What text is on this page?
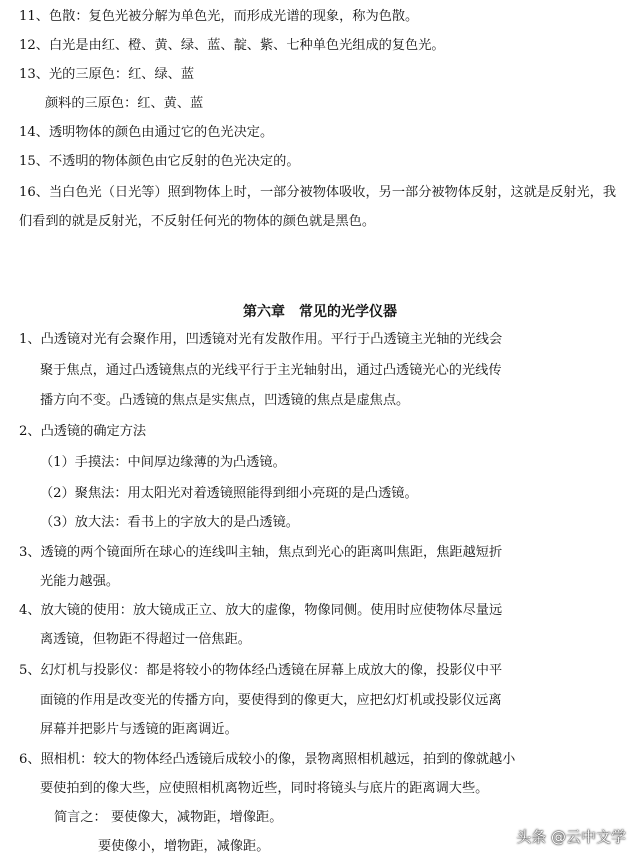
11、色散：复色光被分解为单色光，而形成光谱的现象，称为色散。
12、白光是由红、橙、黄、绿、蓝、靛、紫、七种单色光组成的复色光。
13、光的三原色：红、绿、蓝
颜料的三原色：红、黄、蓝
14、透明物体的颜色由通过它的色光决定。
15、不透明的物体颜色由它反射的色光决定的。
16、当白色光（日光等）照到物体上时，一部分被物体吸收，另一部分被物体反射，这就是反射光，我
们看到的就是反射光，不反射任何光的物体的颜色就是黑色。
第六章　常见的光学仪器
1、凸透镜对光有会聚作用，凹透镜对光有发散作用。平行于凸透镜主光轴的光线会
聚于焦点，通过凸透镜焦点的光线平行于主光轴射出，通过凸透镜光心的光线传
播方向不变。凸透镜的焦点是实焦点，凹透镜的焦点是虚焦点。
2、凸透镜的确定方法
（1）手摸法：中间厚边缘薄的为凸透镜。
（2）聚焦法：用太阳光对着透镜照能得到细小亮斑的是凸透镜。
（3）放大法：看书上的字放大的是凸透镜。
3、透镜的两个镜面所在球心的连线叫主轴，焦点到光心的距离叫焦距，焦距越短折
光能力越强。
4、放大镜的使用：放大镜成正立、放大的虚像，物像同侧。使用时应使物体尽量远
离透镜，但物距不得超过一倍焦距。
5、幻灯机与投影仪：都是将较小的物体经凸透镜在屏幕上成放大的像，投影仪中平
面镜的作用是改变光的传播方向，要使得到的像更大，应把幻灯机或投影仪远离
屏幕并把影片与透镜的距离调近。
6、照相机：较大的物体经凸透镜后成较小的像，景物离照相机越远，拍到的像就越小
要使拍到的像大些，应使照相机离物近些，同时将镜头与底片的距离调大些。
简言之： 要使像大，减物距，增像距。
要使像小，增物距，减像距。
头条 @云中文学
